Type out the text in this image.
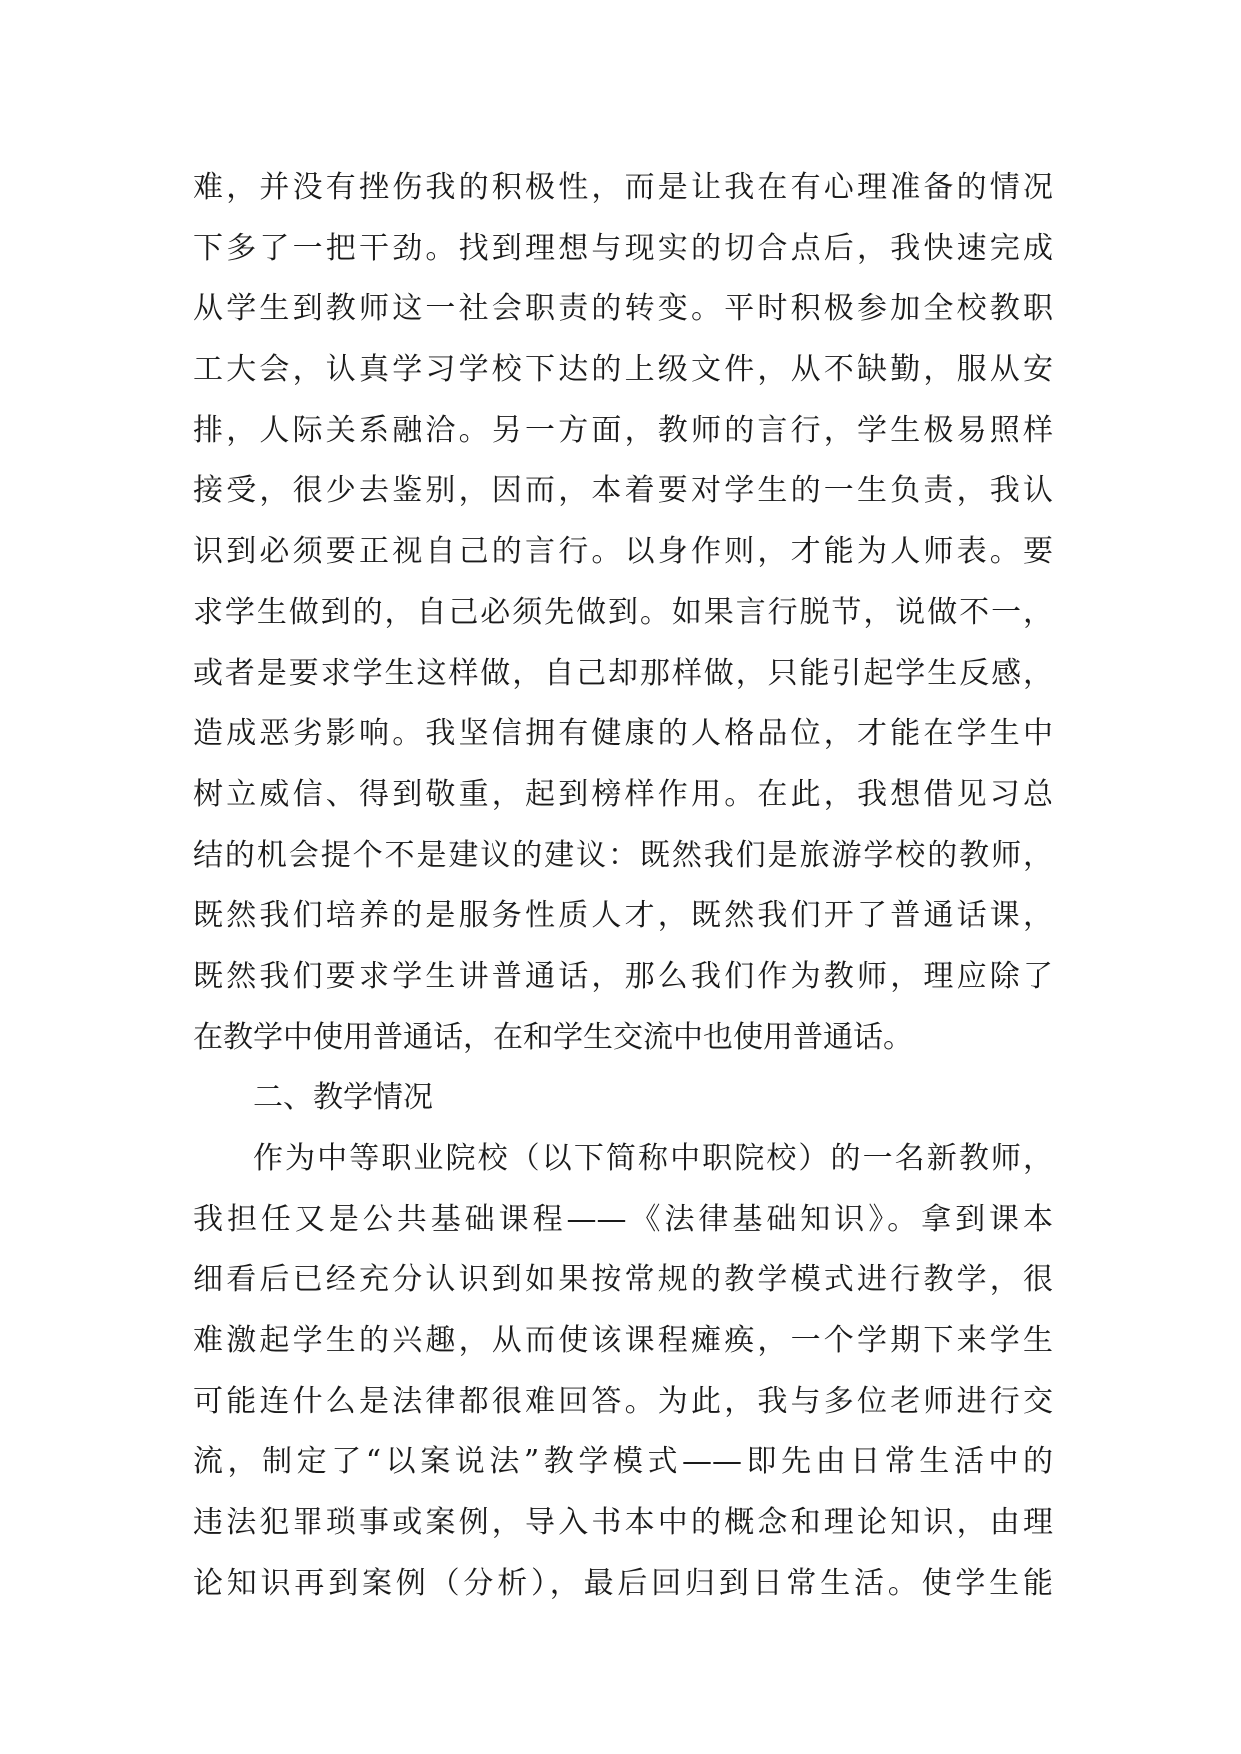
难，并没有挫伤我的积极性，而是让我在有心理准备的情况
下多了一把干劲。找到理想与现实的切合点后，我快速完成
从学生到教师这一社会职责的转变。平时积极参加全校教职
工大会，认真学习学校下达的上级文件，从不缺勤，服从安
排，人际关系融洽。另一方面，教师的言行，学生极易照样
接受，很少去鉴别，因而，本着要对学生的一生负责，我认
识到必须要正视自己的言行。以身作则，才能为人师表。要
求学生做到的，自己必须先做到。如果言行脱节，说做不一，
或者是要求学生这样做，自己却那样做，只能引起学生反感，
造成恶劣影响。我坚信拥有健康的人格品位，才能在学生中
树立威信、得到敬重，起到榜样作用。在此，我想借见习总
结的机会提个不是建议的建议：既然我们是旅游学校的教师，
既然我们培养的是服务性质人才，既然我们开了普通话课，
既然我们要求学生讲普通话，那么我们作为教师，理应除了
在教学中使用普通话，在和学生交流中也使用普通话。
二、教学情况
作为中等职业院校（以下简称中职院校）的一名新教师，
我担任又是公共基础课程——《法律基础知识》。拿到课本
细看后已经充分认识到如果按常规的教学模式进行教学，很
难激起学生的兴趣，从而使该课程瘫痪，一个学期下来学生
可能连什么是法律都很难回答。为此，我与多位老师进行交
流，制定了“以案说法”教学模式——即先由日常生活中的
违法犯罪琐事或案例，导入书本中的概念和理论知识，由理
论知识再到案例（分析），最后回归到日常生活。使学生能
